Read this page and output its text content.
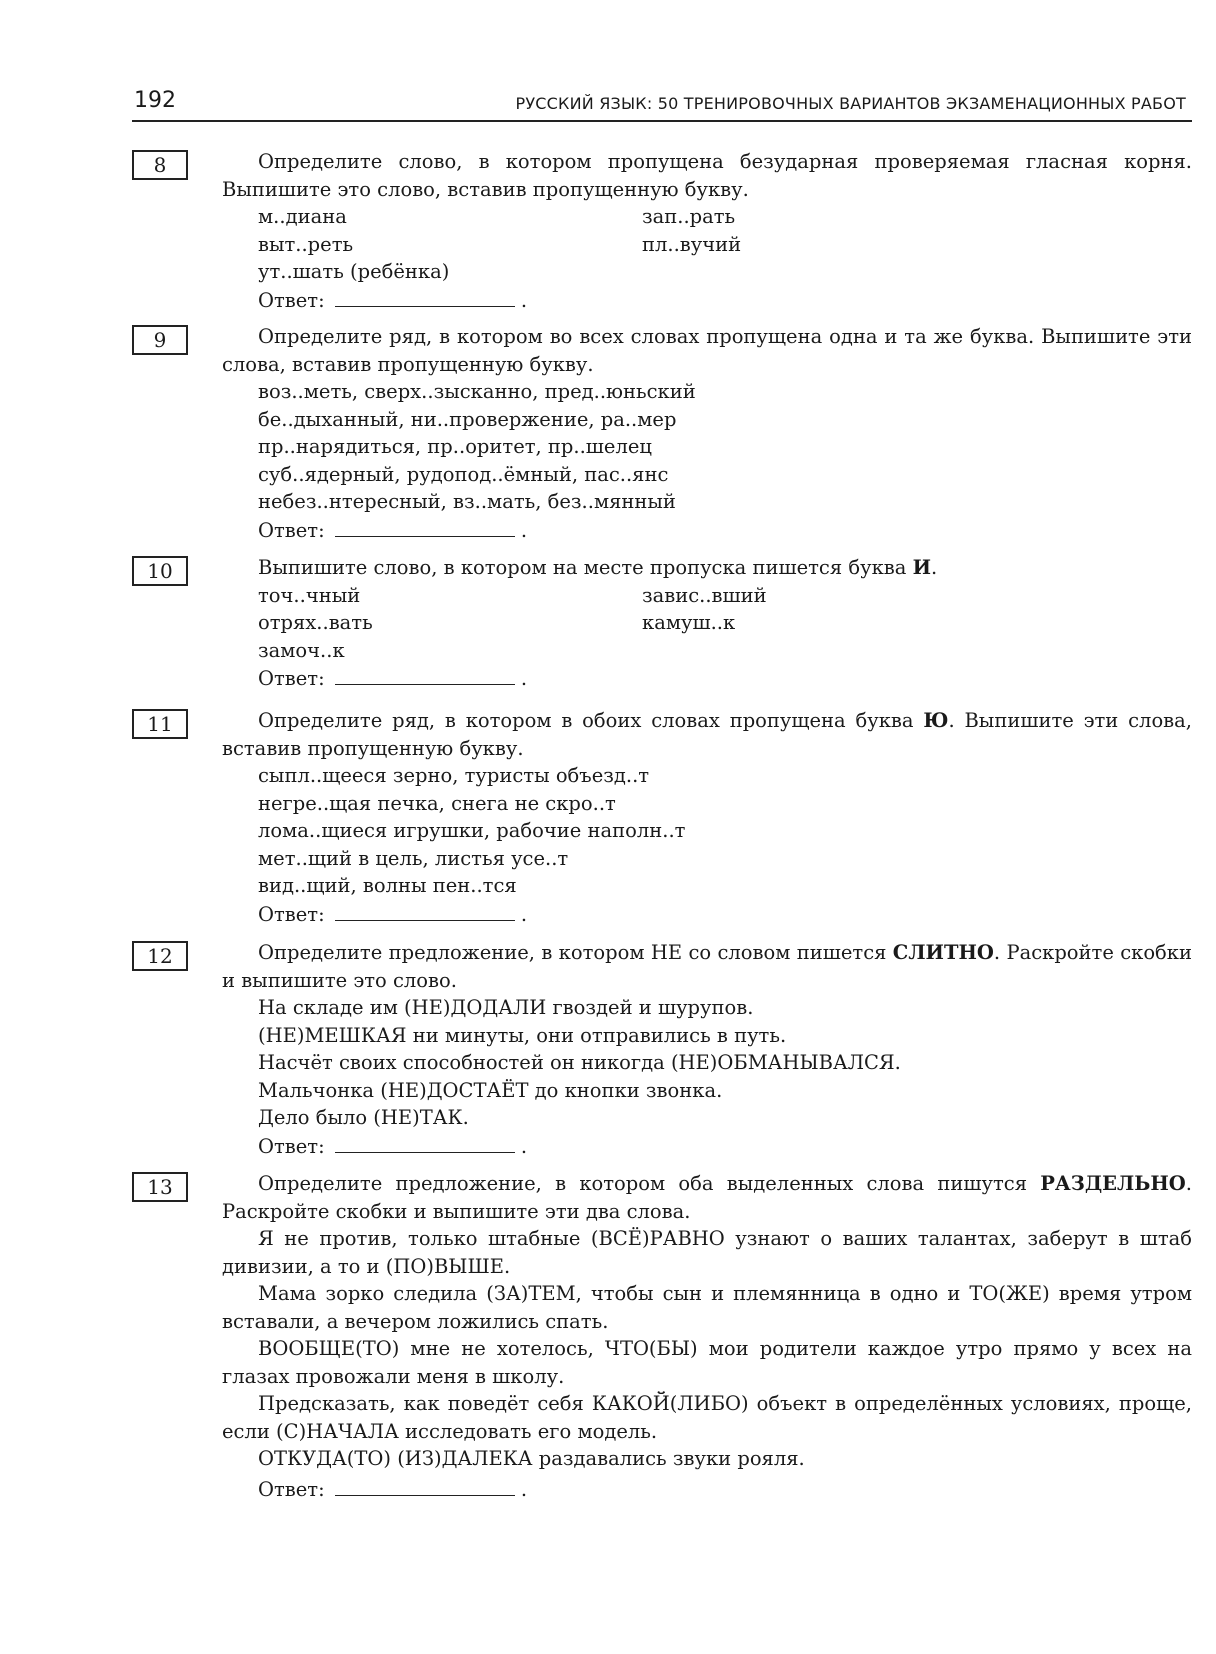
192	РУССКИЙ ЯЗЫК: 50 ТРЕНИРОВОЧНЫХ ВАРИАНТОВ ЭКЗАМЕНАЦИОННЫХ РАБОТ
8	Определите слово, в котором пропущена безударная проверяемая гласная корня. Выпишите это слово, вставив пропущенную букву.

м..диана	зап..рать
выт..реть	пл..вучий
ут..шать (ребёнка)
Ответ:	.
9	Определите ряд, в котором во всех словах пропущена одна и та же буква. Выпишите эти слова, вставив пропущенную букву.

воз..меть, сверх..зысканно, пред..юньский
бе..дыханный, ни..провержение, ра..мер
пр..нарядиться, пр..оритет, пр..шелец
суб..ядерный, рудопод..ёмный, пас..янс
небез..нтересный, вз..мать, без..мянный
Ответ:	.
10	Выпишите слово, в котором на месте пропуска пишется буква И.

точ..чный	завис..вший
отрях..вать	камуш..к
замоч..к
Ответ:	.
11	Определите ряд, в котором в обоих словах пропущена буква Ю. Выпишите эти слова, вставив пропущенную букву.

сыпл..щееся зерно, туристы объезд..т
негре..щая печка, снега не скро..т
лома..щиеся игрушки, рабочие наполн..т
мет..щий в цель, листья усе..т
вид..щий, волны пен..тся
Ответ:	.
12	Определите предложение, в котором НЕ со словом пишется СЛИТНО. Раскройте скобки и выпишите это слово.

На складе им (НЕ)ДОДАЛИ гвоздей и шурупов.
(НЕ)МЕШКАЯ ни минуты, они отправились в путь.
Насчёт своих способностей он никогда (НЕ)ОБМАНЫВАЛСЯ.
Мальчонка (НЕ)ДОСТАЁТ до кнопки звонка.
Дело было (НЕ)ТАК.
Ответ:	.
13	Определите предложение, в котором оба выделенных слова пишутся РАЗДЕЛЬНО. Раскройте скобки и выпишите эти два слова.

Я не против, только штабные (ВСЁ)РАВНО узнают о ваших талантах, заберут в штаб дивизии, а то и (ПО)ВЫШЕ.

Мама зорко следила (ЗА)ТЕМ, чтобы сын и племянница в одно и ТО(ЖЕ) время утром вставали, а вечером ложились спать.

ВООБЩЕ(ТО) мне не хотелось, ЧТО(БЫ) мои родители каждое утро прямо у всех на глазах провожали меня в школу.

Предсказать, как поведёт себя КАКОЙ(ЛИБО) объект в определённых условиях, проще, если (С)НАЧАЛА исследовать его модель.

ОТКУДА(ТО) (ИЗ)ДАЛЕКА раздавались звуки рояля.

Ответ:	.
